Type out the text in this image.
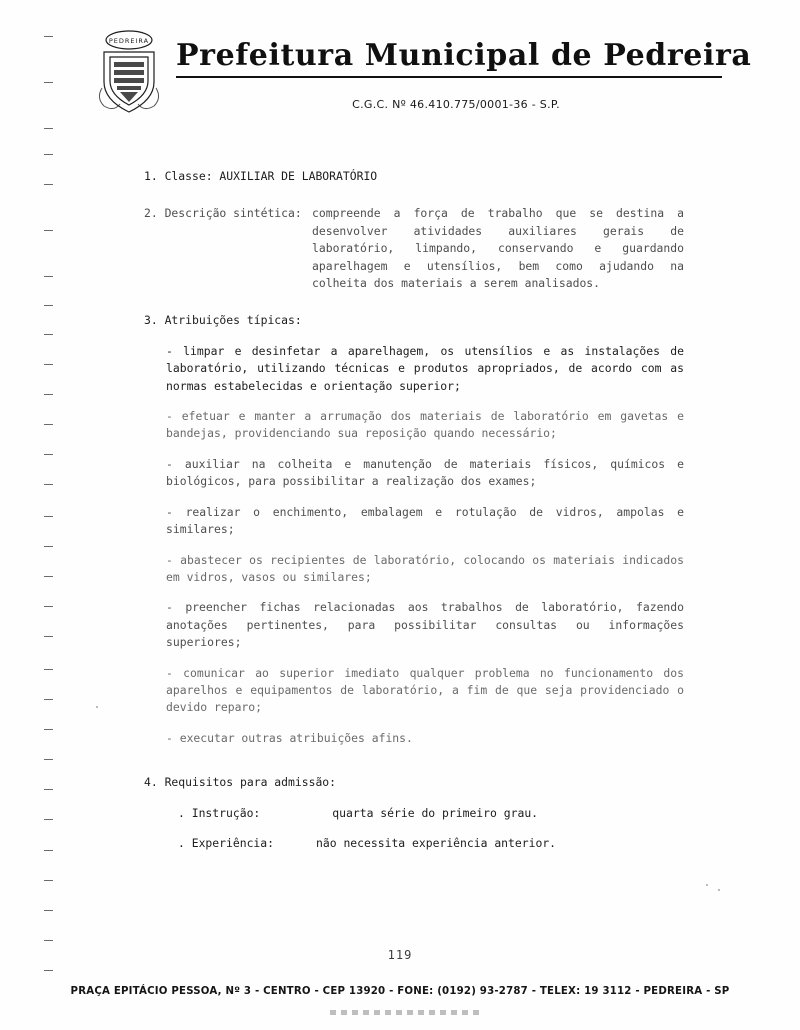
PEDREIRA Prefeitura Municipal de Pedreira
C.G.C. Nº 46.410.775/0001-36 - S.P.

1. Classe: AUXILIAR DE LABORATÓRIO

2. Descrição sintética: compreende a força de trabalho que se destina a desenvolver atividades auxiliares gerais de laboratório, limpando, conservando e guardando aparelhagem e utensílios, bem como ajudando na colheita dos materiais a serem analisados.

3. Atribuições típicas:

- limpar e desinfetar a aparelhagem, os utensílios e as instalações de laboratório, utilizando técnicas e produtos apropriados, de acordo com as normas estabelecidas e orientação superior;

- efetuar e manter a arrumação dos materiais de laboratório em gavetas e bandejas, providenciando sua reposição quando necessário;

- auxiliar na colheita e manutenção de materiais físicos, químicos e biológicos, para possibilitar a realização dos exames;

- realizar o enchimento, embalagem e rotulação de vidros, ampolas e similares;

- abastecer os recipientes de laboratório, colocando os materiais indicados em vidros, vasos ou similares;

- preencher fichas relacionadas aos trabalhos de laboratório, fazendo anotações pertinentes, para possibilitar consultas ou informações superiores;

- comunicar ao superior imediato qualquer problema no funcionamento dos aparelhos e equipamentos de laboratório, a fim de que seja providenciado o devido reparo;

- executar outras atribuições afins.

4. Requisitos para admissão:

. Instrução:	quarta série do primeiro grau.

. Experiência:	não necessita experiência anterior.

119
PRAÇA EPITÁCIO PESSOA, Nº 3 - CENTRO - CEP 13920 - FONE: (0192) 93-2787 - TELEX: 19 3112 - PEDREIRA - SP
